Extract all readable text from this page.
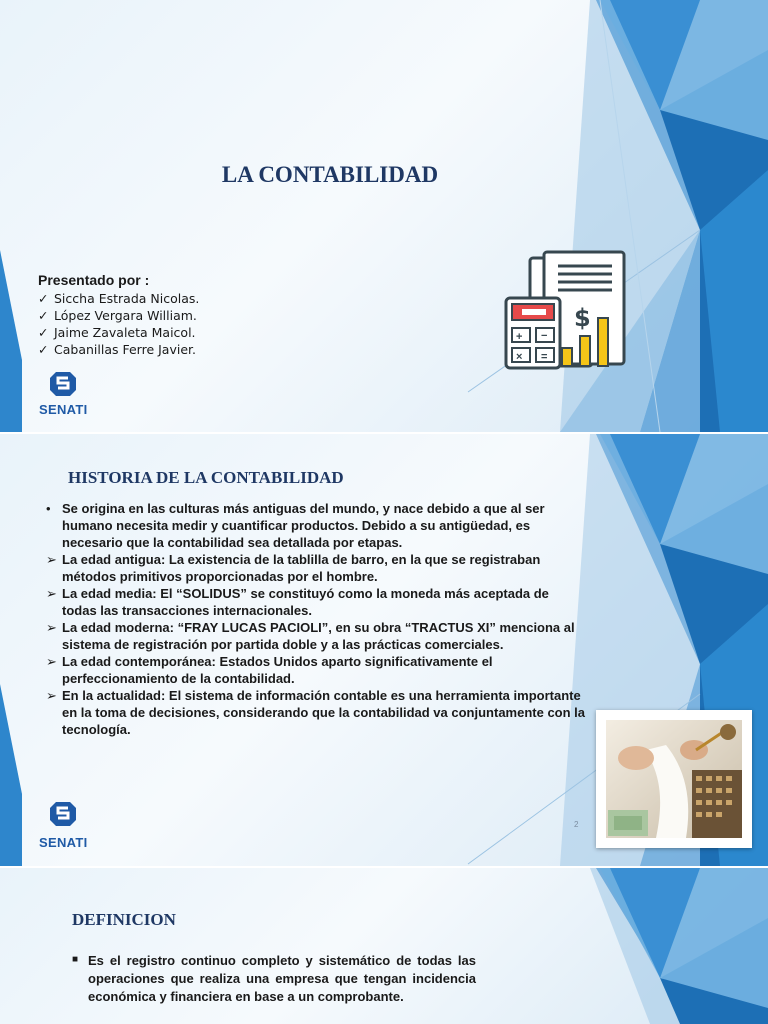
LA CONTABILIDAD
$
+ −
× =
Presentado por :
✓ Siccha Estrada Nicolas.
✓ López Vergara William.
✓ Jaime Zavaleta Maicol.
✓ Cabanillas Ferre Javier.
SENATI
HISTORIA DE LA CONTABILIDAD
SENATI
• Se origina en las culturas más antiguas del mundo, y nace debido a que al ser humano necesita medir y cuantificar productos. Debido a su antigüedad, es necesario que la contabilidad sea detallada por etapas.
➢ La edad antigua: La existencia de la tablilla de barro, en la que se registraban métodos primitivos proporcionadas por el hombre.
➢ La edad media: El “SOLIDUS” se constituyó como la moneda más aceptada de todas las transacciones internacionales.
➢ La edad moderna: “FRAY LUCAS PACIOLI”, en su obra “TRACTUS XI” menciona al sistema de registración por partida doble y a las prácticas comerciales.
➢ La edad contemporánea: Estados Unidos aparto significativamente el perfeccionamiento de la contabilidad.
➢ En la actualidad: El sistema de información contable es una herramienta importante en la toma de decisiones, considerando que la contabilidad va conjuntamente con la tecnología.
2
DEFINICION
■ Es el registro continuo completo y sistemático de todas las operaciones que realiza una empresa que tengan incidencia económica y financiera en base a un comprobante.
